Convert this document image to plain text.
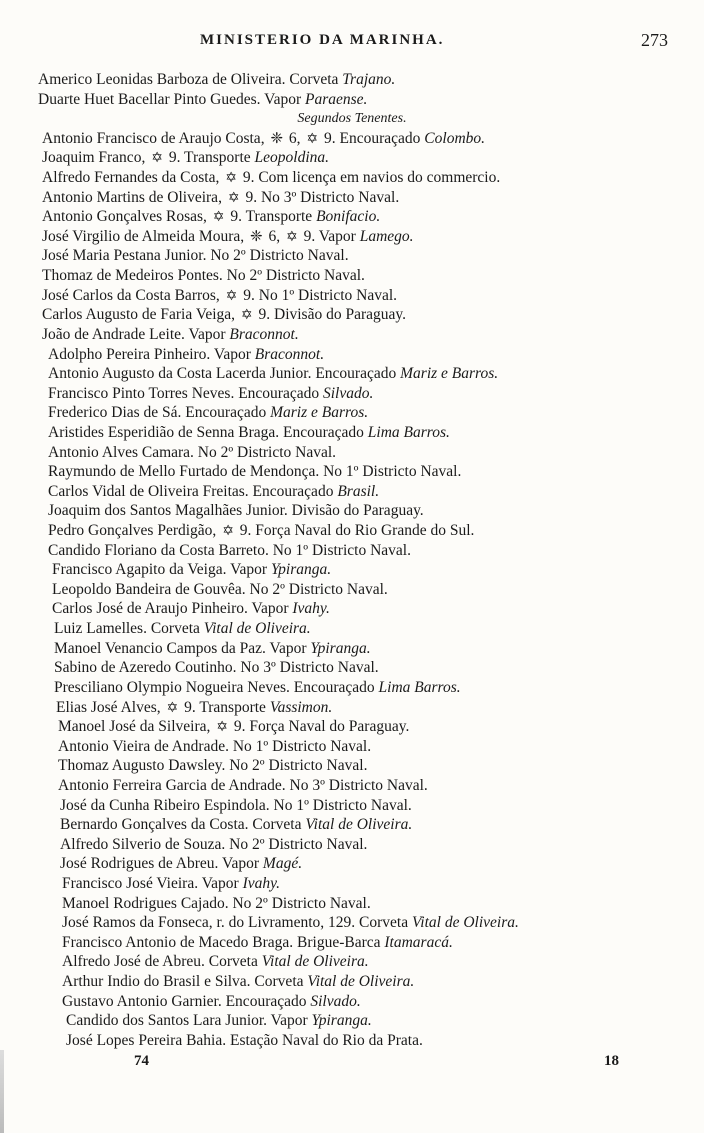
MINISTERIO DA MARINHA.	273
Americo Leonidas Barboza de Oliveira. Corveta Trajano.
Duarte Huet Bacellar Pinto Guedes. Vapor Paraense.
Segundos Tenentes.
Antonio Francisco de Araujo Costa, ❈ 6, ✡ 9. Encouraçado Colombo.
Joaquim Franco, ✡ 9. Transporte Leopoldina.
Alfredo Fernandes da Costa, ✡ 9. Com licença em navios do commercio.
Antonio Martins de Oliveira, ✡ 9. No 3º Districto Naval.
Antonio Gonçalves Rosas, ✡ 9. Transporte Bonifacio.
José Virgilio de Almeida Moura, ❈ 6, ✡ 9. Vapor Lamego.
José Maria Pestana Junior. No 2º Districto Naval.
Thomaz de Medeiros Pontes. No 2º Districto Naval.
José Carlos da Costa Barros, ✡ 9. No 1º Districto Naval.
Carlos Augusto de Faria Veiga, ✡ 9. Divisão do Paraguay.
João de Andrade Leite. Vapor Braconnot.
Adolpho Pereira Pinheiro. Vapor Braconnot.
Antonio Augusto da Costa Lacerda Junior. Encouraçado Mariz e Barros.
Francisco Pinto Torres Neves. Encouraçado Silvado.
Frederico Dias de Sá. Encouraçado Mariz e Barros.
Aristides Esperidião de Senna Braga. Encouraçado Lima Barros.
Antonio Alves Camara. No 2º Districto Naval.
Raymundo de Mello Furtado de Mendonça. No 1º Districto Naval.
Carlos Vidal de Oliveira Freitas. Encouraçado Brasil.
Joaquim dos Santos Magalhães Junior. Divisão do Paraguay.
Pedro Gonçalves Perdigão, ✡ 9. Força Naval do Rio Grande do Sul.
Candido Floriano da Costa Barreto. No 1º Districto Naval.
Francisco Agapito da Veiga. Vapor Ypiranga.
Leopoldo Bandeira de Gouvêa. No 2º Districto Naval.
Carlos José de Araujo Pinheiro. Vapor Ivahy.
Luiz Lamelles. Corveta Vital de Oliveira.
Manoel Venancio Campos da Paz. Vapor Ypiranga.
Sabino de Azeredo Coutinho. No 3º Districto Naval.
Presciliano Olympio Nogueira Neves. Encouraçado Lima Barros.
Elias José Alves, ✡ 9. Transporte Vassimon.
Manoel José da Silveira, ✡ 9. Força Naval do Paraguay.
Antonio Vieira de Andrade. No 1º Districto Naval.
Thomaz Augusto Dawsley. No 2º Districto Naval.
Antonio Ferreira Garcia de Andrade. No 3º Districto Naval.
José da Cunha Ribeiro Espindola. No 1º Districto Naval.
Bernardo Gonçalves da Costa. Corveta Vital de Oliveira.
Alfredo Silverio de Souza. No 2º Districto Naval.
José Rodrigues de Abreu. Vapor Magé.
Francisco José Vieira. Vapor Ivahy.
Manoel Rodrigues Cajado. No 2º Districto Naval.
José Ramos da Fonseca, r. do Livramento, 129. Corveta Vital de Oliveira.
Francisco Antonio de Macedo Braga. Brigue-Barca Itamaracá.
Alfredo José de Abreu. Corveta Vital de Oliveira.
Arthur Indio do Brasil e Silva. Corveta Vital de Oliveira.
Gustavo Antonio Garnier. Encouraçado Silvado.
Candido dos Santos Lara Junior. Vapor Ypiranga.
José Lopes Pereira Bahia. Estação Naval do Rio da Prata.
74	18
